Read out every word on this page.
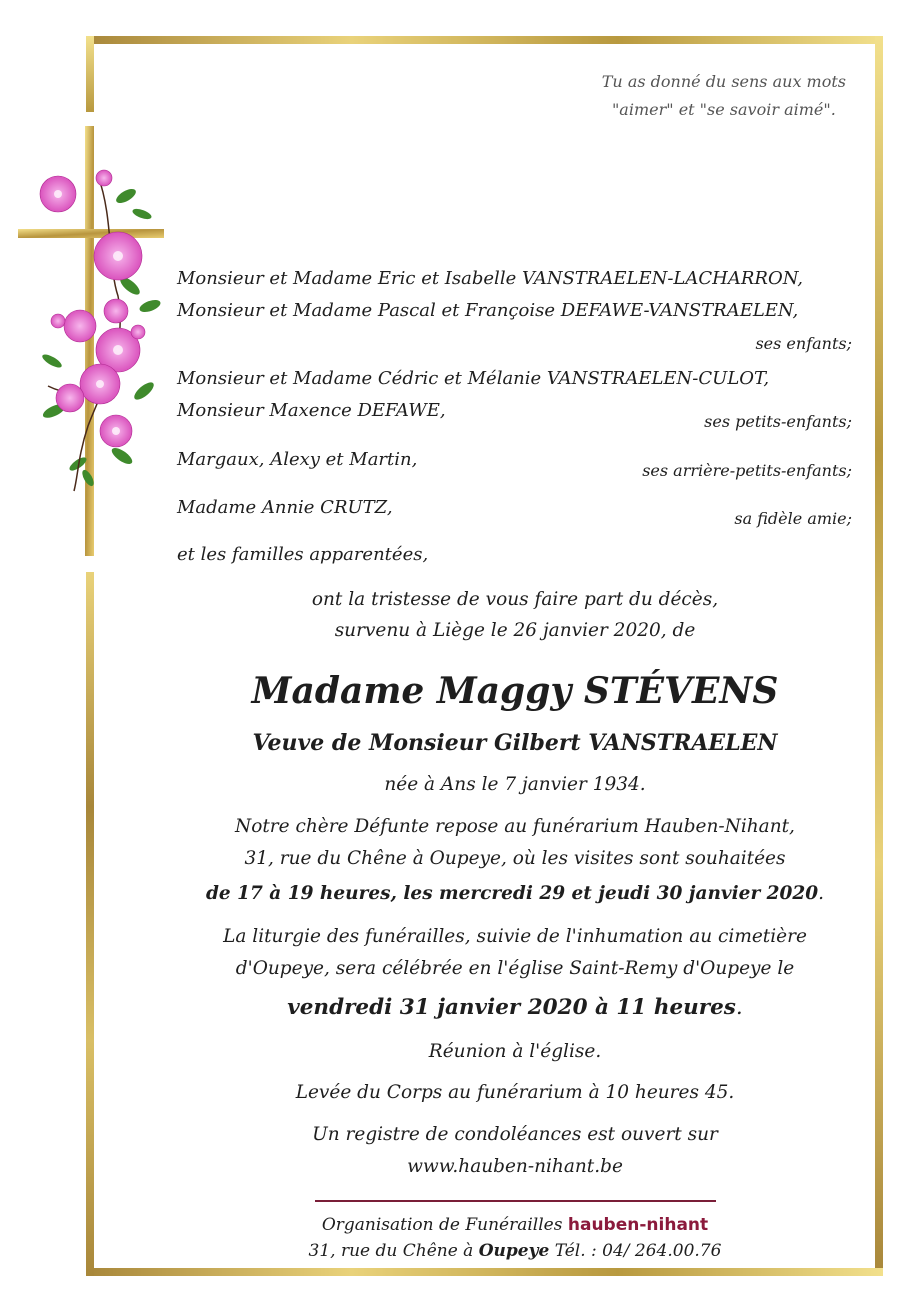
Tu as donné du sens aux mots
"aimer" et "se savoir aimé".
Monsieur et Madame Eric et Isabelle VANSTRAELEN-LACHARRON,
Monsieur et Madame Pascal et Françoise DEFAWE-VANSTRAELEN,
ses enfants;
Monsieur et Madame Cédric et Mélanie VANSTRAELEN-CULOT,
Monsieur Maxence DEFAWE,
ses petits-enfants;
Margaux, Alexy et Martin,
ses arrière-petits-enfants;
Madame Annie CRUTZ,
sa fidèle amie;
et les familles apparentées,
ont la tristesse de vous faire part du décès,
survenu à Liège le 26 janvier 2020, de
Madame Maggy STÉVENS
Veuve de Monsieur Gilbert VANSTRAELEN
née à Ans le 7 janvier 1934.
Notre chère Défunte repose au funérarium Hauben-Nihant,
31, rue du Chêne à Oupeye, où les visites sont souhaitées
de 17 à 19 heures, les mercredi 29 et jeudi 30 janvier 2020.
La liturgie des funérailles, suivie de l'inhumation au cimetière
d'Oupeye, sera célébrée en l'église Saint-Remy d'Oupeye le
vendredi 31 janvier 2020 à 11 heures.
Réunion à l'église.
Levée du Corps au funérarium à 10 heures 45.
Un registre de condoléances est ouvert sur
www.hauben-nihant.be
Organisation de Funérailles hauben-nihant
31, rue du Chêne à Oupeye Tél. : 04/ 264.00.76
